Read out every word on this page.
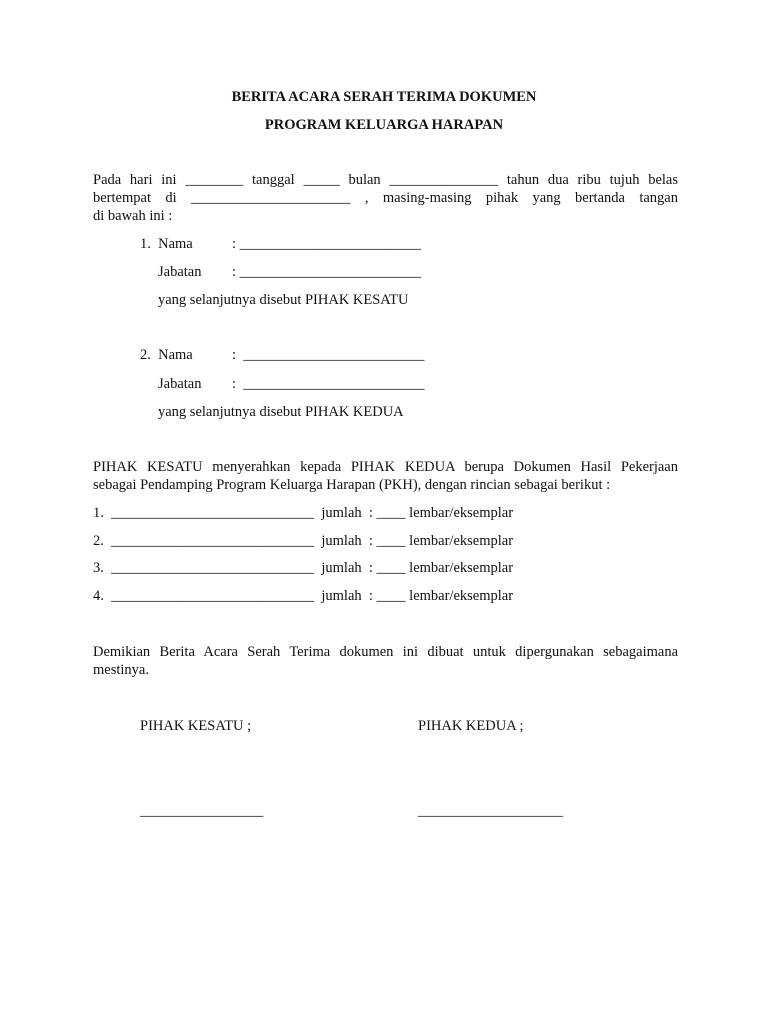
BERITA ACARA SERAH TERIMA DOKUMEN
PROGRAM KELUARGA HARAPAN
Pada hari ini ________ tanggal _____ bulan _______________ tahun dua ribu tujuh belas
bertempat di ______________________ , masing-masing pihak yang bertanda tangan
di bawah ini :
1.  Nama	: _________________________
Jabatan : _________________________
yang selanjutnya disebut PIHAK KESATU
2.  Nama	:  _________________________
Jabatan :  _________________________
yang selanjutnya disebut PIHAK KEDUA
PIHAK KESATU menyerahkan kepada PIHAK KEDUA berupa Dokumen Hasil Pekerjaan
sebagai Pendamping Program Keluarga Harapan (PKH), dengan rincian sebagai berikut :
1.  ____________________________  jumlah  : ____ lembar/eksemplar
2.  ____________________________  jumlah  : ____ lembar/eksemplar
3.  ____________________________  jumlah  : ____ lembar/eksemplar
4.  ____________________________  jumlah  : ____ lembar/eksemplar
Demikian Berita Acara Serah Terima dokumen ini dibuat untuk dipergunakan sebagaimana
mestinya.
PIHAK KESATU ;	PIHAK KEDUA ;
_________________	____________________
